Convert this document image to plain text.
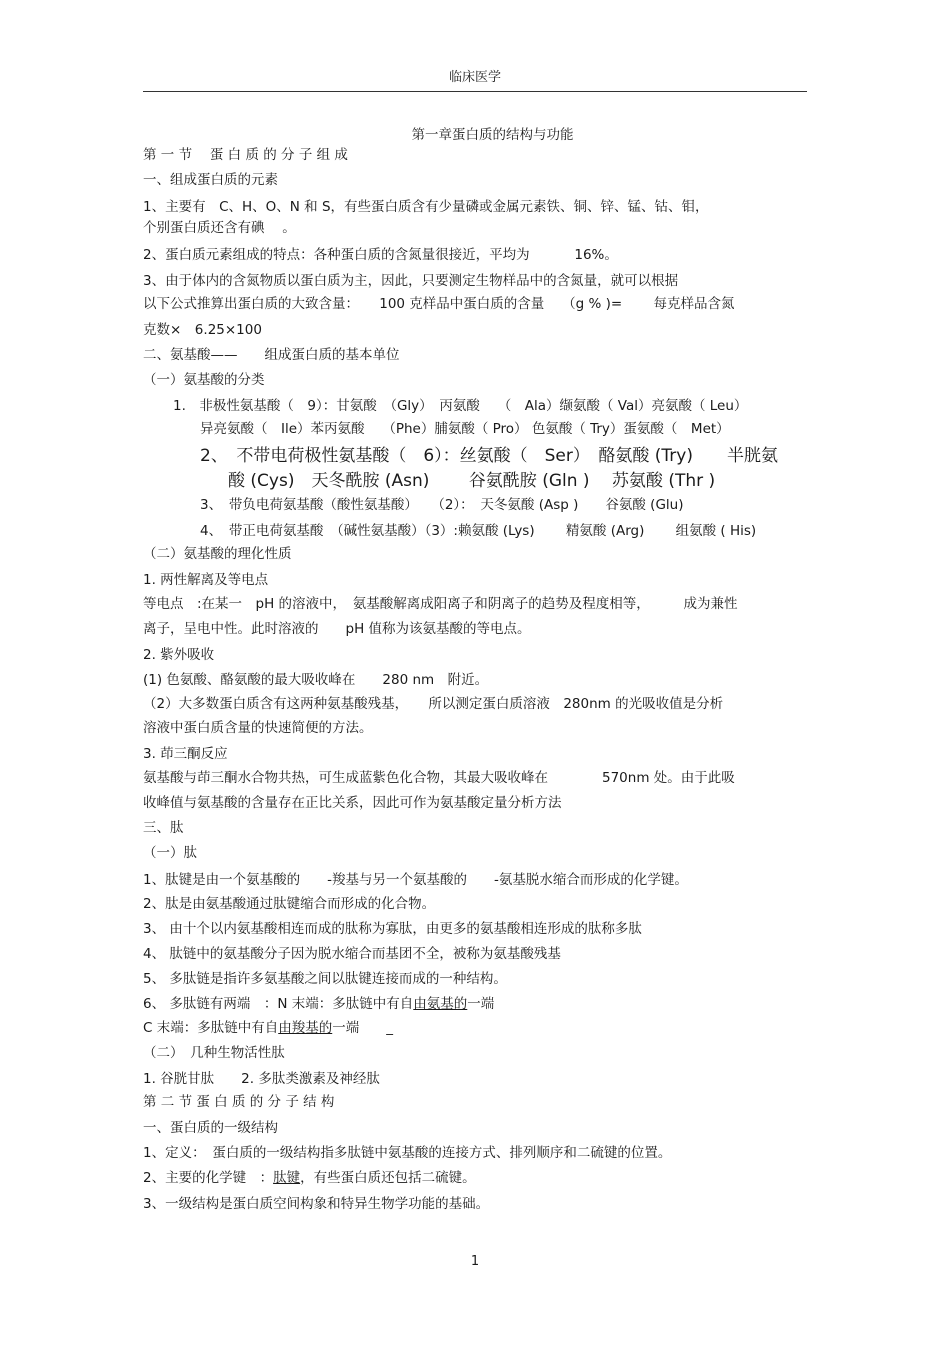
临床医学
第一章蛋白质的结构与功能
第 一 节　 蛋 白 质 的 分 子 组 成
一、组成蛋白质的元素
1、主要有　C、H、O、N 和 S，有些蛋白质含有少量磷或金属元素铁、铜、锌、锰、钴、钼，
个别蛋白质还含有碘　 。
2、蛋白质元素组成的特点：各种蛋白质的含氮量很接近，平均为　　　 16%。
3、由于体内的含氮物质以蛋白质为主，因此，只要测定生物样品中的含氮量，就可以根据
以下公式推算出蛋白质的大致含量：　　100 克样品中蛋白质的含量　 （g % )=　　 每克样品含氮
克数×　6.25×100
二、氨基酸——　　组成蛋白质的基本单位
（一）氨基酸的分类
1.　非极性氨基酸（　9）：甘氨酸　（Gly）　丙氨酸　 （　Ala）缬氨酸（ Val）亮氨酸（ Leu）
异亮氨酸（　Ile）苯丙氨酸　 （Phe）脯氨酸（ Pro） 色氨酸（ Try）蛋氨酸（　Met）
2、　不带电荷极性氨基酸（　6）：丝氨酸（　Ser）　酪氨酸 (Try)　　半胱氨
酸 (Cys)　天冬酰胺 (Asn)　　 谷氨酰胺 (Gln )　 苏氨酸 (Thr )
3、　带负电荷氨基酸（酸性氨基酸）　　（2）：　天冬氨酸 (Asp )　　谷氨酸 (Glu)
4、　带正电荷氨基酸　（碱性氨基酸）（3）:赖氨酸 (Lys)　　 精氨酸 (Arg)　　 组氨酸 ( His)
（二）氨基酸的理化性质
1. 两性解离及等电点
等电点　:在某一　pH 的溶液中，　氨基酸解离成阳离子和阴离子的趋势及程度相等，　　　成为兼性
离子，呈电中性。此时溶液的　　pH 值称为该氨基酸的等电点。
2. 紫外吸收
(1) 色氨酸、酪氨酸的最大吸收峰在　　280 nm　附近。
（2）大多数蛋白质含有这两种氨基酸残基，　　所以测定蛋白质溶液　280nm 的光吸收值是分析
溶液中蛋白质含量的快速简便的方法。
3. 茚三酮反应
氨基酸与茚三酮水合物共热，可生成蓝紫色化合物，其最大吸收峰在　　　　570nm 处。由于此吸
收峰值与氨基酸的含量存在正比关系，因此可作为氨基酸定量分析方法
三、肽
（一）肽
1、肽键是由一个氨基酸的　　-羧基与另一个氨基酸的　　-氨基脱水缩合而形成的化学键。
2、肽是由氨基酸通过肽键缩合而形成的化合物。
3、 由十个以内氨基酸相连而成的肽称为寡肽，由更多的氨基酸相连形成的肽称多肽
4、 肽链中的氨基酸分子因为脱水缩合而基团不全，被称为氨基酸残基
5、 多肽链是指许多氨基酸之间以肽键连接而成的一种结构。
6、 多肽链有两端　：N 末端：多肽链中有自由氨基的一端
C 末端：多肽链中有自由羧基的一端　　_
（二）　几种生物活性肽
1. 谷胱甘肽　　2. 多肽类激素及神经肽
第 二 节 蛋 白 质 的 分 子 结 构
一、蛋白质的一级结构
1、定义：　蛋白质的一级结构指多肽链中氨基酸的连接方式、排列顺序和二硫键的位置。
2、主要的化学键　：肽键，有些蛋白质还包括二硫键。
3、一级结构是蛋白质空间构象和特异生物学功能的基础。
1
